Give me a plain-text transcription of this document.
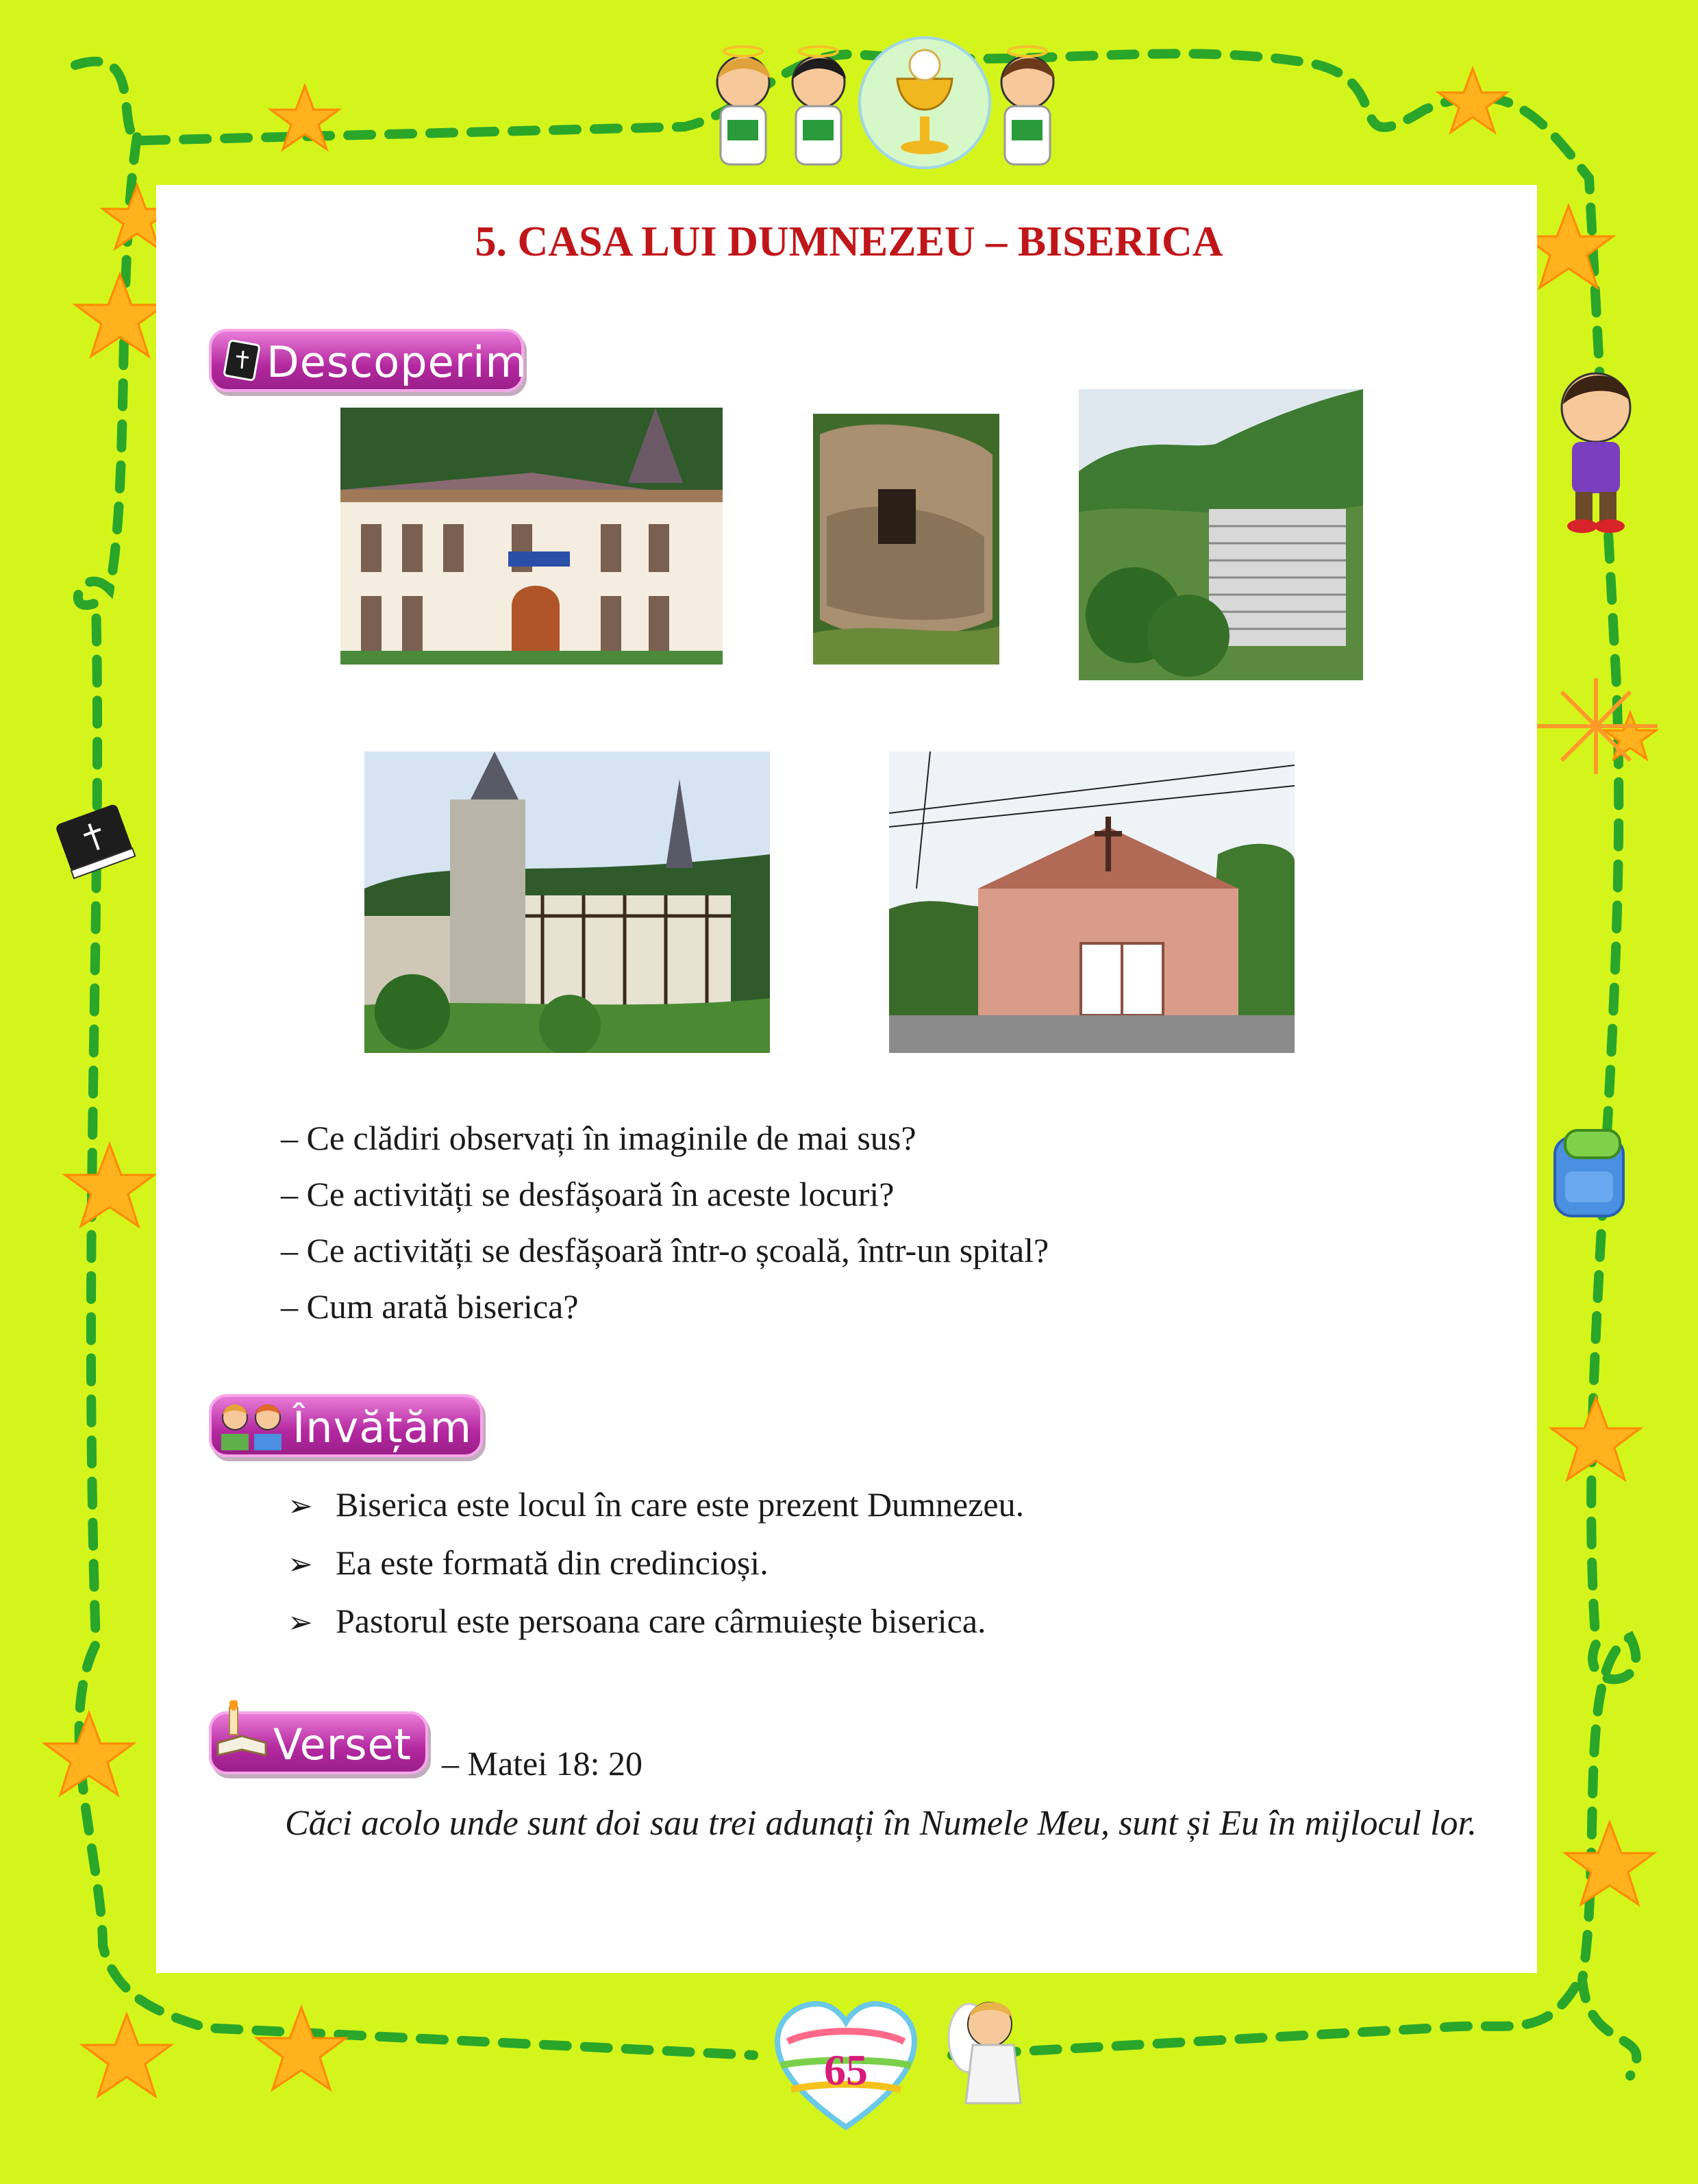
5. CASA LUI DUMNEZEU – BISERICA
Descoperim
– Ce clădiri observați în imaginile de mai sus?
– Ce activități se desfășoară în aceste locuri?
– Ce activități se desfășoară într-o școală, într-un spital?
– Cum arată biserica?
Învățăm
➢ Biserica este locul în care este prezent Dumnezeu.
➢ Ea este formată din credincioși.
➢ Pastorul este persoana care cârmuiește biserica.
Verset – Matei 18: 20

Căci acolo unde sunt doi sau trei adunați în Numele Meu, sunt și Eu în mijlocul lor.

65
